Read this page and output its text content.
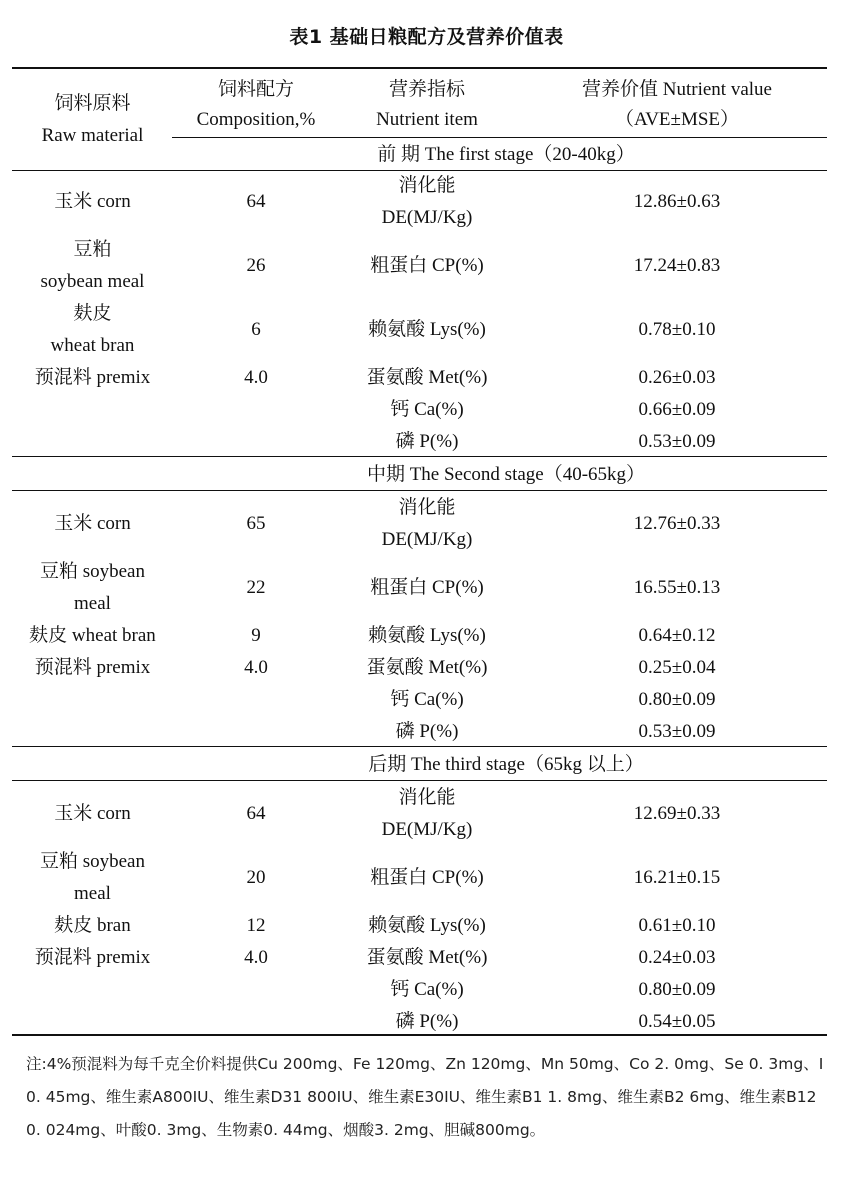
表1 基础日粮配方及营养价值表
饲料原料
Raw material
饲料配方
Composition,%
营养指标
Nutrient item
营养价值 Nutrient value
（AVE±MSE）
前 期 The first stage（20-40kg）
玉米 corn
豆粕
soybean meal
麸皮
wheat bran
预混料 premix
64
26
6
4.0
消化能
DE(MJ/Kg)
粗蛋白 CP(%)
赖氨酸 Lys(%)
蛋氨酸 Met(%)
钙 Ca(%)
磷 P(%)
12.86±0.63
17.24±0.83
0.78±0.10
0.26±0.03
0.66±0.09
0.53±0.09
中期 The Second stage（40-65kg）
玉米 corn
豆粕 soybean
meal
麸皮 wheat bran
预混料 premix
65
22
9
4.0
消化能
DE(MJ/Kg)
粗蛋白 CP(%)
赖氨酸 Lys(%)
蛋氨酸 Met(%)
钙 Ca(%)
磷 P(%)
12.76±0.33
16.55±0.13
0.64±0.12
0.25±0.04
0.80±0.09
0.53±0.09
后期 The third stage（65kg 以上）
玉米 corn
豆粕 soybean
meal
麸皮 bran
预混料 premix
64
20
12
4.0
消化能
DE(MJ/Kg)
粗蛋白 CP(%)
赖氨酸 Lys(%)
蛋氨酸 Met(%)
钙 Ca(%)
磷 P(%)
12.69±0.33
16.21±0.15
0.61±0.10
0.24±0.03
0.80±0.09
0.54±0.05
注:4%预混料为每千克全价料提供Cu 200mg、Fe 120mg、Zn 120mg、Mn 50mg、Co 2. 0mg、Se 0. 3mg、I
0. 45mg、维生素A800IU、维生素D31 800IU、维生素E30IU、维生素B1 1. 8mg、维生素B2 6mg、维生素B12
0. 024mg、叶酸0. 3mg、生物素0. 44mg、烟酸3. 2mg、胆碱800mg。
